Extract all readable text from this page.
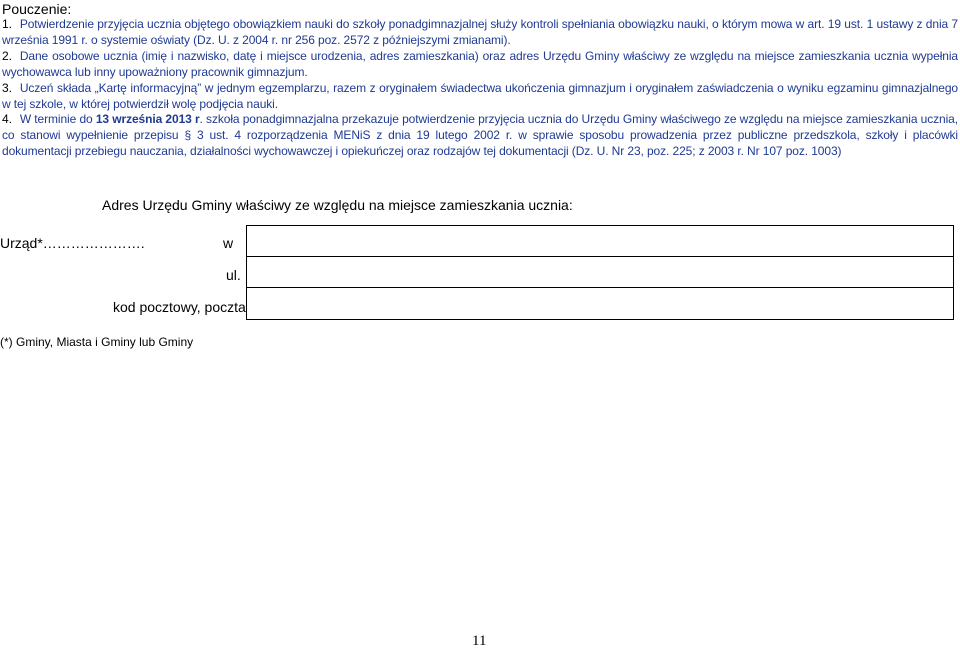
Pouczenie:
1. Potwierdzenie przyjęcia ucznia objętego obowiązkiem nauki do szkoły ponadgimnazjalnej służy kontroli spełniania obowiązku nauki, o którym mowa w art. 19 ust. 1 ustawy z dnia 7 września 1991 r. o systemie oświaty (Dz. U. z 2004 r. nr 256 poz. 2572 z późniejszymi zmianami).
2. Dane osobowe ucznia (imię i nazwisko, datę i miejsce urodzenia, adres zamieszkania) oraz adres Urzędu Gminy właściwy ze względu na miejsce zamieszkania ucznia wypełnia wychowawca lub inny upoważniony pracownik gimnazjum.
3. Uczeń składa „Kartę informacyjną” w jednym egzemplarzu, razem z oryginałem świadectwa ukończenia gimnazjum i oryginałem zaświadczenia o wyniku egzaminu gimnazjalnego w tej szkole, w której potwierdził wolę podjęcia nauki.
4. W terminie do 13 września 2013 r. szkoła ponadgimnazjalna przekazuje potwierdzenie przyjęcia ucznia do Urzędu Gminy właściwego ze względu na miejsce zamieszkania ucznia, co stanowi wypełnienie przepisu § 3 ust. 4 rozporządzenia MENiS z dnia 19 lutego 2002 r. w sprawie sposobu prowadzenia przez publiczne przedszkola, szkoły i placówki dokumentacji przebiegu nauczania, działalności wychowawczej i opiekuńczej oraz rodzajów tej dokumentacji (Dz. U. Nr 23, poz. 225; z 2003 r. Nr 107 poz. 1003)
Adres Urzędu Gminy właściwy ze względu na miejsce zamieszkania ucznia:
Urząd*………………….	w
ul.
kod pocztowy, poczta
(*) Gminy, Miasta i Gminy lub Gminy
11
